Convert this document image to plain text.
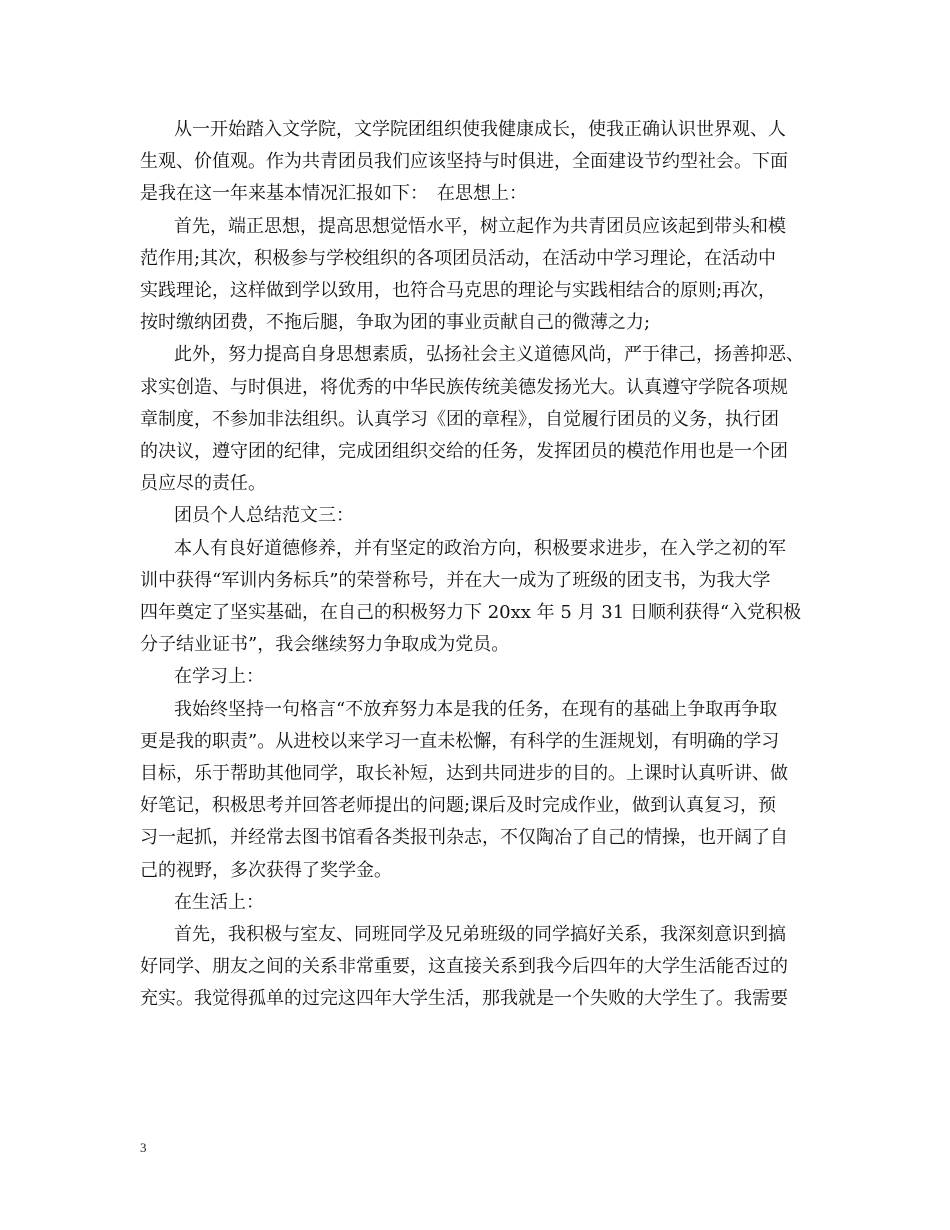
从一开始踏入文学院，文学院团组织使我健康成长，使我正确认识世界观、人
生观、价值观。作为共青团员我们应该坚持与时俱进，全面建设节约型社会。下面
是我在这一年来基本情况汇报如下：　在思想上：
首先，端正思想，提高思想觉悟水平，树立起作为共青团员应该起到带头和模
范作用;其次，积极参与学校组织的各项团员活动，在活动中学习理论，在活动中
实践理论，这样做到学以致用，也符合马克思的理论与实践相结合的原则;再次，
按时缴纳团费，不拖后腿，争取为团的事业贡献自己的微薄之力;
此外，努力提高自身思想素质，弘扬社会主义道德风尚，严于律己，扬善抑恶、
求实创造、与时俱进，将优秀的中华民族传统美德发扬光大。认真遵守学院各项规
章制度，不参加非法组织。认真学习《团的章程》，自觉履行团员的义务，执行团
的决议，遵守团的纪律，完成团组织交给的任务，发挥团员的模范作用也是一个团
员应尽的责任。
团员个人总结范文三：
本人有良好道德修养，并有坚定的政治方向，积极要求进步，在入学之初的军
训中获得“军训内务标兵”的荣誉称号，并在大一成为了班级的团支书，为我大学
四年奠定了坚实基础，在自己的积极努力下 20xx 年 5 月 31 日顺利获得“入党积极
分子结业证书”，我会继续努力争取成为党员。
在学习上：
我始终坚持一句格言“不放弃努力本是我的任务，在现有的基础上争取再争取
更是我的职责”。从进校以来学习一直未松懈，有科学的生涯规划，有明确的学习
目标，乐于帮助其他同学，取长补短，达到共同进步的目的。上课时认真听讲、做
好笔记，积极思考并回答老师提出的问题;课后及时完成作业，做到认真复习，预
习一起抓，并经常去图书馆看各类报刊杂志，不仅陶冶了自己的情操，也开阔了自
己的视野，多次获得了奖学金。
在生活上：
首先，我积极与室友、同班同学及兄弟班级的同学搞好关系，我深刻意识到搞
好同学、朋友之间的关系非常重要，这直接关系到我今后四年的大学生活能否过的
充实。我觉得孤单的过完这四年大学生活，那我就是一个失败的大学生了。我需要
3
